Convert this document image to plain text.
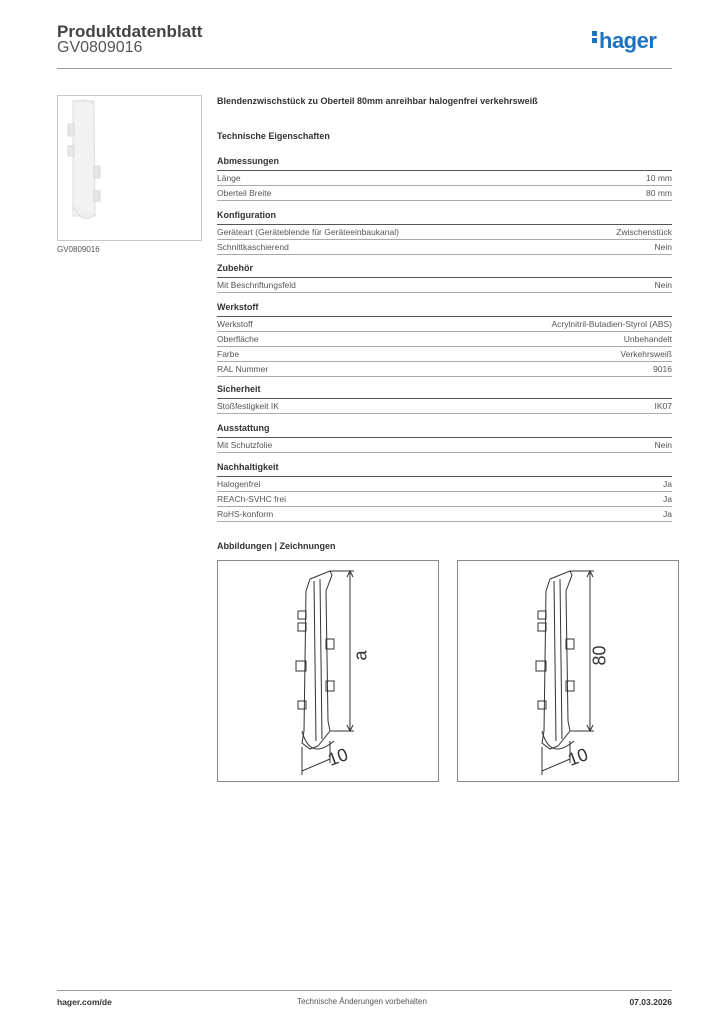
Produktdatenblatt
GV0809016	hager
GV0809016
Blendenzwischstück zu Oberteil 80mm anreihbar halogenfrei verkehrsweiß
Technische Eigenschaften
Abmessungen
Länge	10 mm
Oberteil Breite	80 mm
Konfiguration
Geräteart (Geräteblende für Geräteeinbaukanal)	Zwischenstück
Schnittkaschierend	Nein
Zubehör
Mit Beschriftungsfeld	Nein
Werkstoff
Werkstoff	Acrylnitril-Butadien-Styrol (ABS)
Oberfläche	Unbehandelt
Farbe	Verkehrsweiß
RAL Nummer	9016
Sicherheit
Stoßfestigkeit IK	IK07
Ausstattung
Mit Schutzfolie	Nein
Nachhaltigkeit
Halogenfrei	Ja
REACh-SVHC frei	Ja
RoHS-konform	Ja
Abbildungen | Zeichnungen
a
10
80
10
hager.com/de	Technische Änderungen vorbehalten	07.03.2026
